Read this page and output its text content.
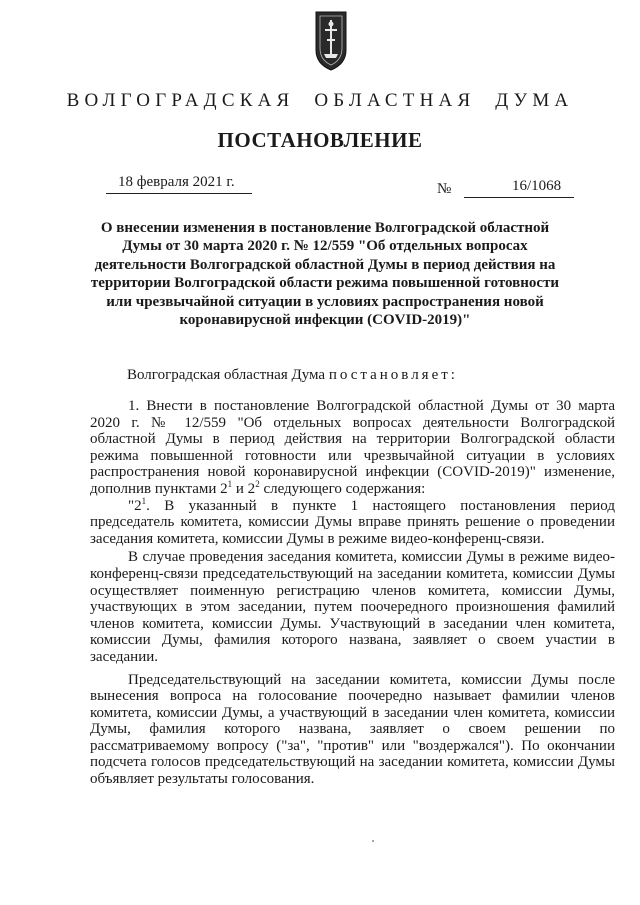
ВОЛГОГРАДСКАЯ ОБЛАСТНАЯ ДУМА
ПОСТАНОВЛЕНИЕ
18 февраля 2021 г.	№	16/1068
О внесении изменения в постановление Волгоградской областной Думы от 30 марта 2020 г. № 12/559 "Об отдельных вопросах деятельности Волгоградской областной Думы в период действия на территории Волгоградской области режима повышенной готовности или чрезвычайной ситуации в условиях распространения новой коронавирусной инфекции (COVID-2019)"
Волгоградская областная Дума постановляет:

1. Внести в постановление Волгоградской областной Думы от 30 марта 2020 г. № 12/559 "Об отдельных вопросах деятельности Волгоградской областной Думы в период действия на территории Волгоградской области режима повышенной готовности или чрезвычайной ситуации в условиях распространения новой коронавирусной инфекции (COVID-2019)" изменение, дополнив пунктами $2^1$ и $2^2$ следующего содержания:

"$2^1$. В указанный в пункте 1 настоящего постановления период председатель комитета, комиссии Думы вправе принять решение о проведении заседания комитета, комиссии Думы в режиме видео-конференц-связи.

В случае проведения заседания комитета, комиссии Думы в режиме видео-конференц-связи председательствующий на заседании комитета, комиссии Думы осуществляет поименную регистрацию членов комитета, комиссии Думы, участвующих в этом заседании, путем поочередного произношения фамилий членов комитета, комиссии Думы. Участвующий в заседании член комитета, комиссии Думы, фамилия которого названа, заявляет о своем участии в заседании.

Председательствующий на заседании комитета, комиссии Думы после вынесения вопроса на голосование поочередно называет фамилии членов комитета, комиссии Думы, а участвующий в заседании член комитета, комиссии Думы, фамилия которого названа, заявляет о своем решении по рассматриваемому вопросу ("за", "против" или "воздержался"). По окончании подсчета голосов председательствующий на заседании комитета, комиссии Думы объявляет результаты голосования.
